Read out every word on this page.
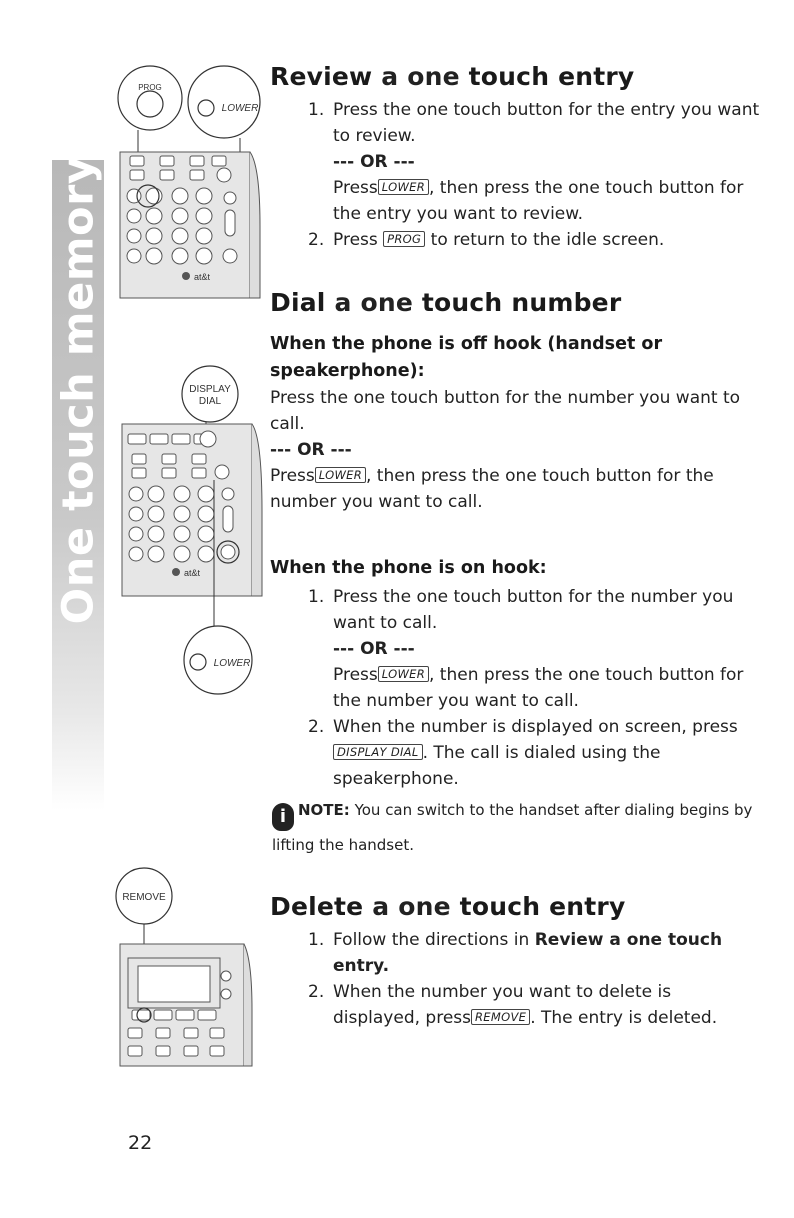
One touch memory
PROG
LOWER
at&t
DISPLAY
DIAL
at&t
LOWER
REMOVE
Review a one touch entry
1. Press the one touch button for the entry you want to review.
--- OR ---
Press LOWER , then press the one touch button for the entry you want to review.
2. Press PROG to return to the idle screen.
Dial a one touch number
When the phone is off hook (handset or speakerphone):

Press the one touch button for the number you want to call.
--- OR ---
Press LOWER , then press the one touch button for the number you want to call.

When the phone is on hook:
1. Press the one touch button for the number you want to call.
--- OR ---
Press LOWER , then press the one touch button for the number you want to call.
2. When the number is displayed on screen, press
DISPLAY DIAL . The call is dialed using the speakerphone.
i NOTE: You can switch to the handset after dialing begins by lifting the handset.
Delete a one touch entry
1. Follow the directions in Review a one touch entry.
2. When the number you want to delete is displayed, press REMOVE . The entry is deleted.
22
